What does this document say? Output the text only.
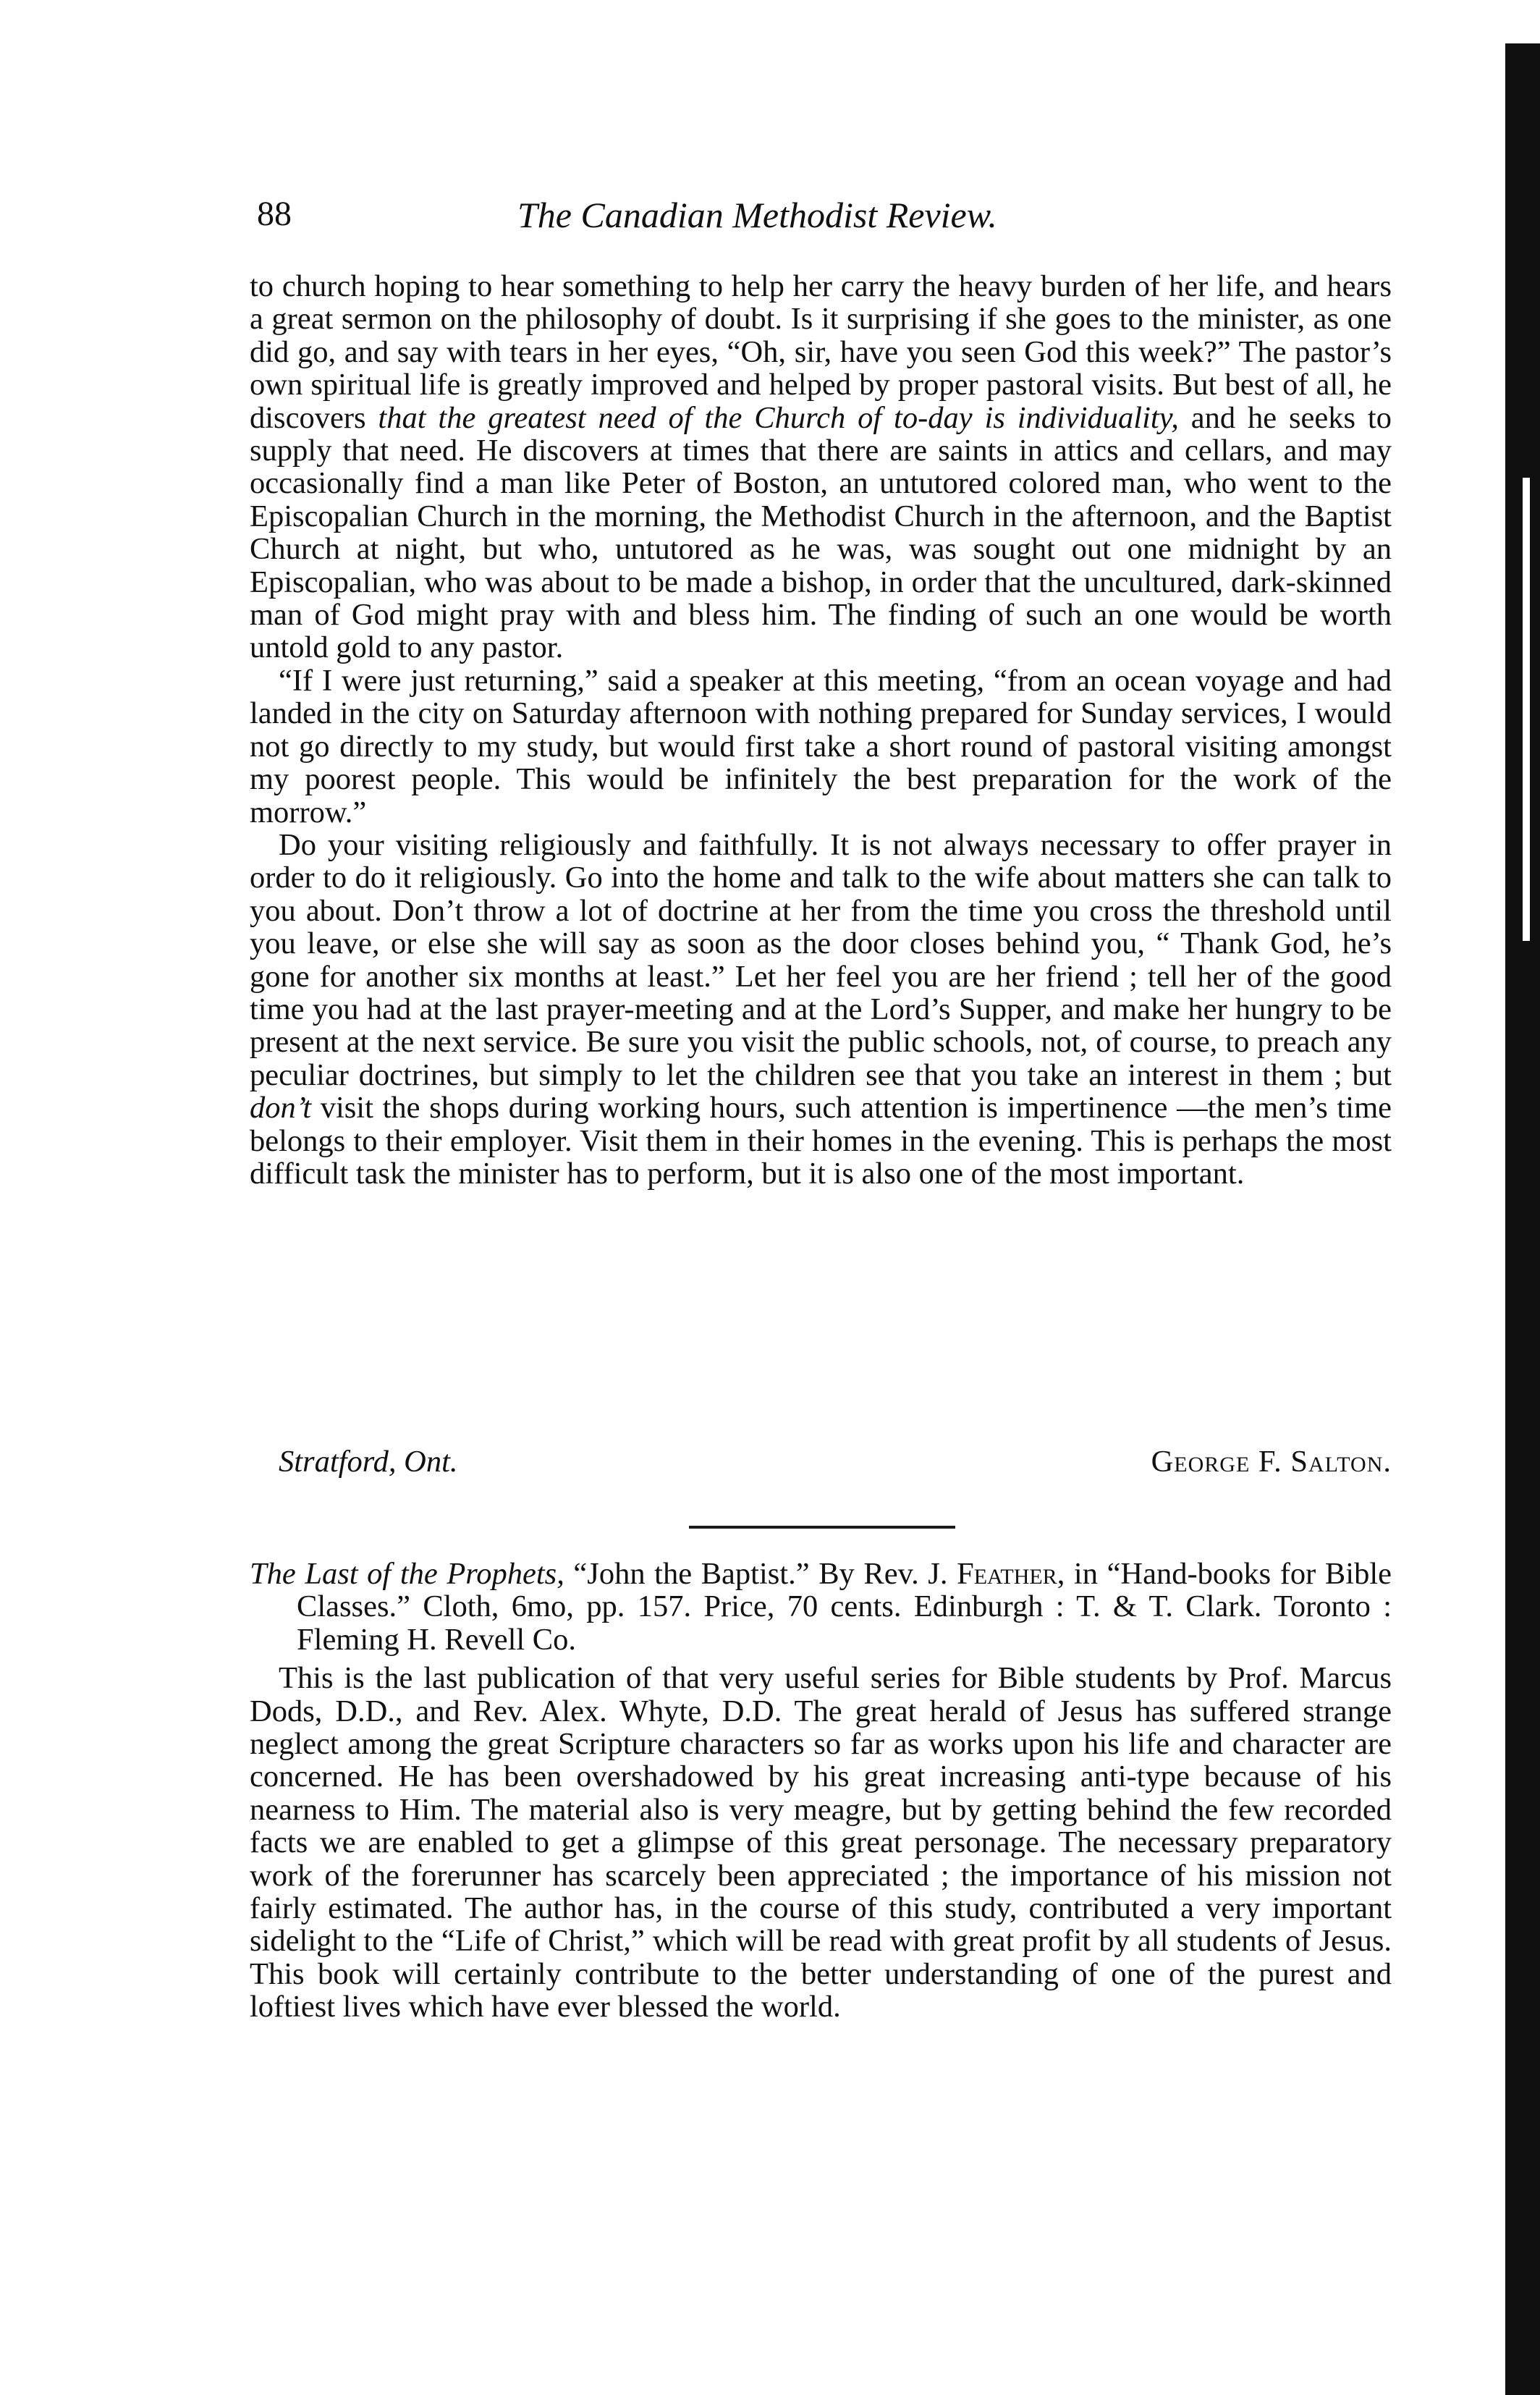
88	The Canadian Methodist Review.

to church hoping to hear something to help her carry the heavy burden of her life, and hears a great sermon on the philosophy of doubt. Is it surprising if she goes to the minister, as one did go, and say with tears in her eyes, “Oh, sir, have you seen God this week?” The pastor’s own spiritual life is greatly improved and helped by proper pastoral visits. But best of all, he discovers that the greatest need of the Church of to-day is individuality, and he seeks to supply that need. He discovers at times that there are saints in attics and cellars, and may occasionally find a man like Peter of Boston, an untutored colored man, who went to the Episcopalian Church in the morning, the Methodist Church in the afternoon, and the Baptist Church at night, but who, untutored as he was, was sought out one midnight by an Episcopalian, who was about to be made a bishop, in order that the uncultured, dark-skinned man of God might pray with and bless him. The finding of such an one would be worth untold gold to any pastor.

“If I were just returning,” said a speaker at this meeting, “from an ocean voyage and had landed in the city on Saturday afternoon with nothing prepared for Sunday services, I would not go directly to my study, but would first take a short round of pastoral visiting amongst my poorest people. This would be infinitely the best preparation for the work of the morrow.”

Do your visiting religiously and faithfully. It is not always necessary to offer prayer in order to do it religiously. Go into the home and talk to the wife about matters she can talk to you about. Don’t throw a lot of doctrine at her from the time you cross the threshold until you leave, or else she will say as soon as the door closes behind you, “ Thank God, he’s gone for another six months at least.” Let her feel you are her friend ; tell her of the good time you had at the last prayer-meeting and at the Lord’s Supper, and make her hungry to be present at the next service. Be sure you visit the public schools, not, of course, to preach any peculiar doctrines, but simply to let the children see that you take an interest in them ; but don’t visit the shops during working hours, such attention is impertinence —the men’s time belongs to their employer. Visit them in their homes in the evening. This is perhaps the most difficult task the minister has to perform, but it is also one of the most important.

Stratford, Ont.	George F. Salton.

The Last of the Prophets, “John the Baptist.” By Rev. J. Feather, in “Hand-books for Bible Classes.” Cloth, 6mo, pp. 157. Price, 70 cents. Edinburgh : T. & T. Clark. Toronto : Fleming H. Revell Co.

This is the last publication of that very useful series for Bible students by Prof. Marcus Dods, D.D., and Rev. Alex. Whyte, D.D. The great herald of Jesus has suffered strange neglect among the great Scripture characters so far as works upon his life and character are concerned. He has been overshadowed by his great increasing anti-type because of his nearness to Him. The material also is very meagre, but by getting behind the few recorded facts we are enabled to get a glimpse of this great personage. The necessary preparatory work of the forerunner has scarcely been appreciated ; the importance of his mission not fairly estimated. The author has, in the course of this study, contributed a very important sidelight to the “Life of Christ,” which will be read with great profit by all students of Jesus. This book will certainly contribute to the better understanding of one of the purest and loftiest lives which have ever blessed the world.
